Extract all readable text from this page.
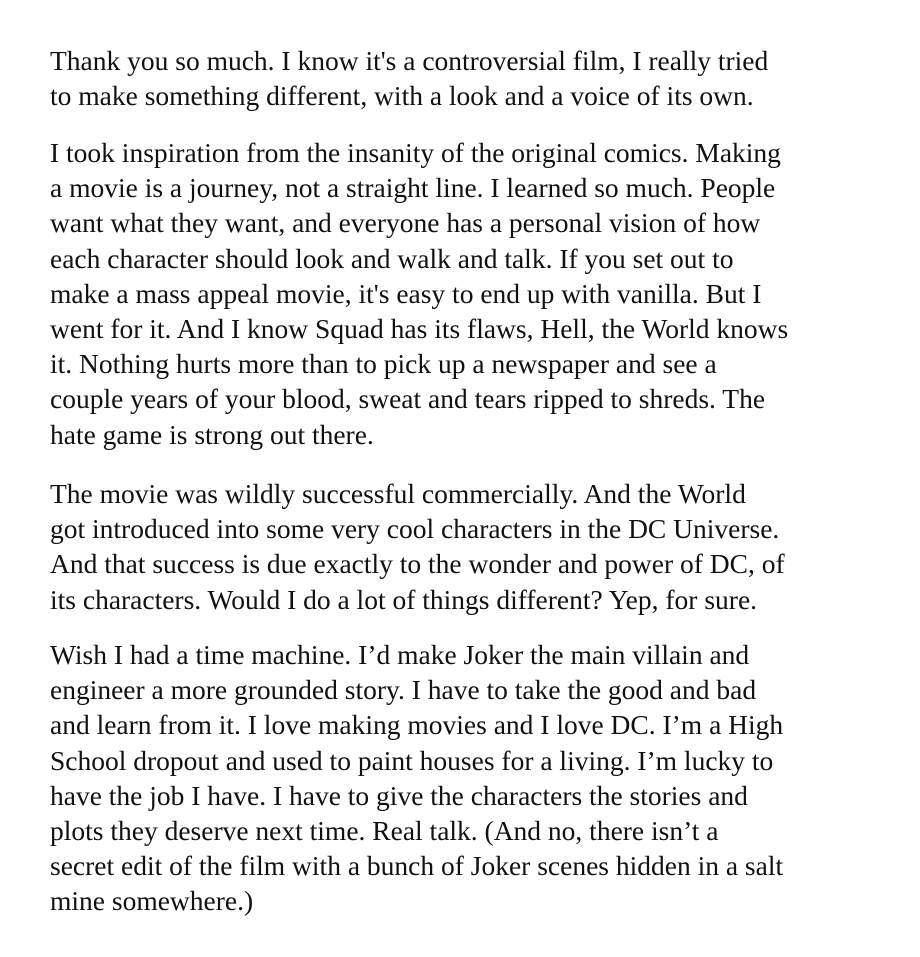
Thank you so much. I know it's a controversial film, I really tried
to make something different, with a look and a voice of its own.

I took inspiration from the insanity of the original comics. Making
a movie is a journey, not a straight line. I learned so much. People
want what they want, and everyone has a personal vision of how
each character should look and walk and talk. If you set out to
make a mass appeal movie, it's easy to end up with vanilla. But I
went for it. And I know Squad has its flaws, Hell, the World knows
it. Nothing hurts more than to pick up a newspaper and see a
couple years of your blood, sweat and tears ripped to shreds. The
hate game is strong out there.

The movie was wildly successful commercially. And the World
got introduced into some very cool characters in the DC Universe.
And that success is due exactly to the wonder and power of DC, of
its characters. Would I do a lot of things different? Yep, for sure.

Wish I had a time machine. I’d make Joker the main villain and
engineer a more grounded story. I have to take the good and bad
and learn from it. I love making movies and I love DC. I’m a High
School dropout and used to paint houses for a living. I’m lucky to
have the job I have. I have to give the characters the stories and
plots they deserve next time. Real talk. (And no, there isn’t a
secret edit of the film with a bunch of Joker scenes hidden in a salt
mine somewhere.)
